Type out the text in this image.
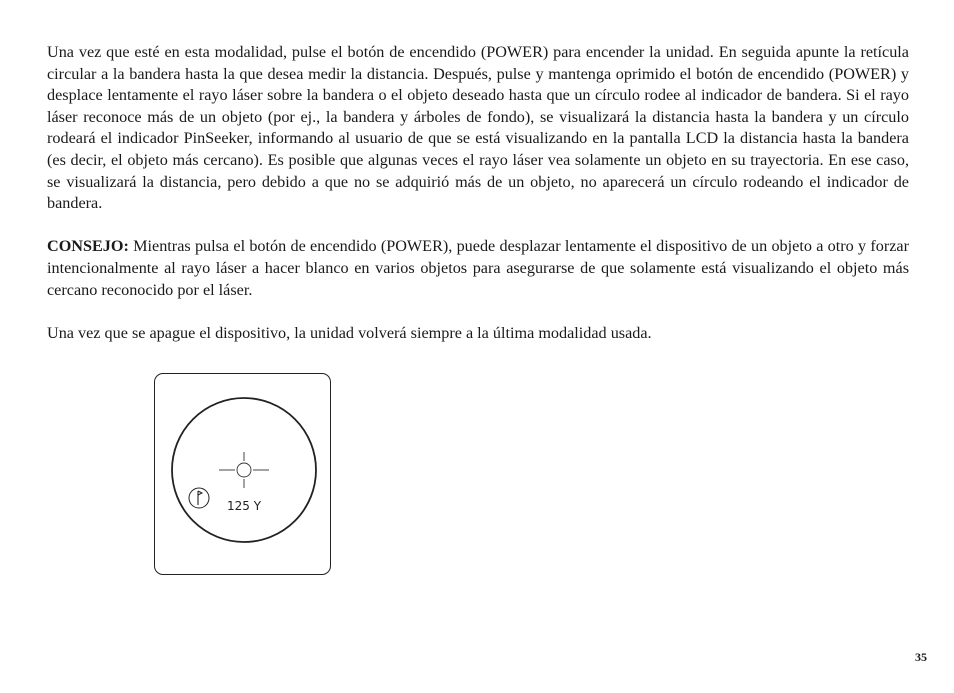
Una vez que esté en esta modalidad, pulse el botón de encendido (POWER) para encender la unidad. En seguida apunte la retícula circular a la bandera hasta la que desea medir la distancia. Después, pulse y mantenga oprimido el botón de encendido (POWER) y desplace lentamente el rayo láser sobre la bandera o el objeto deseado hasta que un círculo rodee al indicador de bandera. Si el rayo láser reconoce más de un objeto (por ej., la bandera y árboles de fondo), se visualizará la distancia hasta la bandera y un círculo rodeará el indicador PinSeeker, informando al usuario de que se está visualizando en la pantalla LCD la distancia hasta la bandera (es decir, el objeto más cercano). Es posible que algunas veces el rayo láser vea solamente un objeto en su trayectoria. En ese caso, se visualizará la distancia, pero debido a que no se adquirió más de un objeto, no aparecerá un círculo rodeando el indicador de bandera.

CONSEJO: Mientras pulsa el botón de encendido (POWER), puede desplazar lentamente el dispositivo de un objeto a otro y forzar intencionalmente al rayo láser a hacer blanco en varios objetos para asegurarse de que solamente está visualizando el objeto más cercano reconocido por el láser.

Una vez que se apague el dispositivo, la unidad volverá siempre a la última modalidad usada.

125 Y
35
